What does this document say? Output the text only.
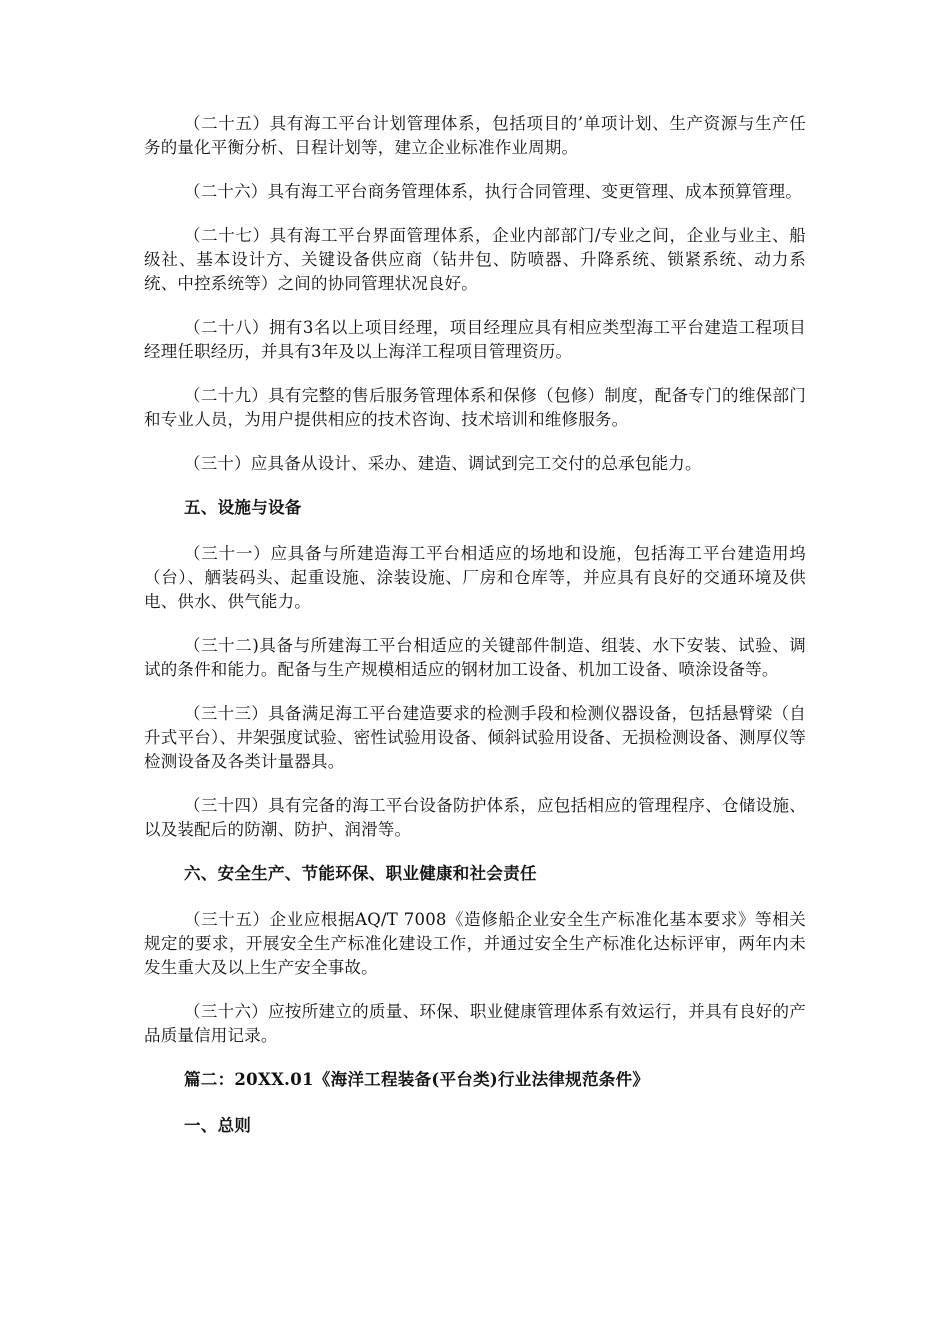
（二十五）具有海工平台计划管理体系，包括项目的’单项计划、生产资源与生产任务的量化平衡分析、日程计划等，建立企业标准作业周期。

（二十六）具有海工平台商务管理体系，执行合同管理、变更管理、成本预算管理。

（二十七）具有海工平台界面管理体系，企业内部部门/专业之间，企业与业主、船级社、基本设计方、关键设备供应商（钻井包、防喷器、升降系统、锁紧系统、动力系统、中控系统等）之间的协同管理状况良好。

（二十八）拥有3名以上项目经理，项目经理应具有相应类型海工平台建造工程项目经理任职经历，并具有3年及以上海洋工程项目管理资历。

（二十九）具有完整的售后服务管理体系和保修（包修）制度，配备专门的维保部门和专业人员，为用户提供相应的技术咨询、技术培训和维修服务。

（三十）应具备从设计、采办、建造、调试到完工交付的总承包能力。

五、设施与设备

（三十一）应具备与所建造海工平台相适应的场地和设施，包括海工平台建造用坞（台）、舾装码头、起重设施、涂装设施、厂房和仓库等，并应具有良好的交通环境及供电、供水、供气能力。

（三十二)具备与所建海工平台相适应的关键部件制造、组装、水下安装、试验、调试的条件和能力。配备与生产规模相适应的钢材加工设备、机加工设备、喷涂设备等。

（三十三）具备满足海工平台建造要求的检测手段和检测仪器设备，包括悬臂梁（自升式平台）、井架强度试验、密性试验用设备、倾斜试验用设备、无损检测设备、测厚仪等检测设备及各类计量器具。

（三十四）具有完备的海工平台设备防护体系，应包括相应的管理程序、仓储设施、以及装配后的防潮、防护、润滑等。

六、安全生产、节能环保、职业健康和社会责任

（三十五）企业应根据AQ/T 7008《造修船企业安全生产标准化基本要求》等相关规定的要求，开展安全生产标准化建设工作，并通过安全生产标准化达标评审，两年内未发生重大及以上生产安全事故。

（三十六）应按所建立的质量、环保、职业健康管理体系有效运行，并具有良好的产品质量信用记录。

篇二：20XX.01《海洋工程装备(平台类)行业法律规范条件》

一、总则
